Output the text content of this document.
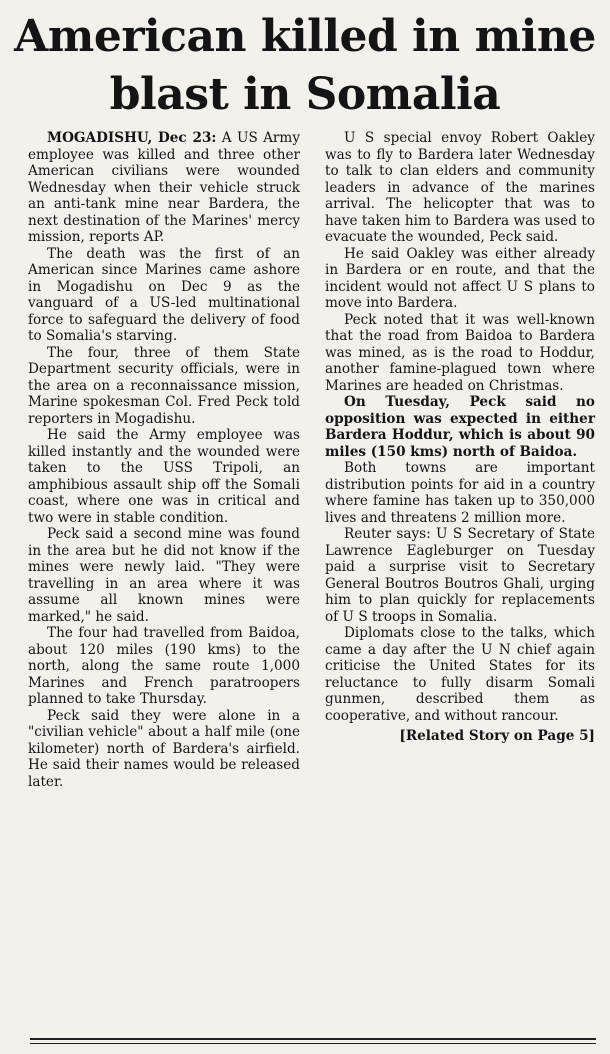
American killed in mine
blast in Somalia

MOGADISHU, Dec 23: A US Army employee was killed and three other American civilians were wounded Wednesday when their vehicle struck an anti-tank mine near Bardera, the next destination of the Marines' mercy mission, reports AP.

The death was the first of an American since Marines came ashore in Mogadishu on Dec 9 as the vanguard of a US-led multinational force to safeguard the delivery of food to Somalia's starving.

The four, three of them State Department security officials, were in the area on a reconnaissance mission, Marine spokesman Col. Fred Peck told reporters in Mogadishu.

He said the Army employee was killed instantly and the wounded were taken to the USS Tripoli, an amphibious assault ship off the Somali coast, where one was in critical and two were in stable condition.

Peck said a second mine was found in the area but he did not know if the mines were newly laid. "They were travelling in an area where it was assume all known mines were marked," he said.

The four had travelled from Baidoa, about 120 miles (190 kms) to the north, along the same route 1,000 Marines and French paratroopers planned to take Thursday.

Peck said they were alone in a "civilian vehicle" about a half mile (one kilometer) north of Bardera's airfield. He said their names would be released later.

U S special envoy Robert Oakley was to fly to Bardera later Wednesday to talk to clan elders and community leaders in advance of the marines arrival. The helicopter that was to have taken him to Bardera was used to evacuate the wounded, Peck said.

He said Oakley was either already in Bardera or en route, and that the incident would not affect U S plans to move into Bardera.

Peck noted that it was well-known that the road from Baidoa to Bardera was mined, as is the road to Hoddur, another famine-plagued town where Marines are headed on Christmas.

On Tuesday, Peck said no opposition was expected in either Bardera Hoddur, which is about 90 miles (150 kms) north of Baidoa.

Both towns are important distribution points for aid in a country where famine has taken up to 350,000 lives and threatens 2 million more.

Reuter says: U S Secretary of State Lawrence Eagleburger on Tuesday paid a surprise visit to Secretary General Boutros Boutros Ghali, urging him to plan quickly for replacements of U S troops in Somalia.

Diplomats close to the talks, which came a day after the U N chief again criticise the United States for its reluctance to fully disarm Somali gunmen, described them as cooperative, and without rancour.

[Related Story on Page 5]
